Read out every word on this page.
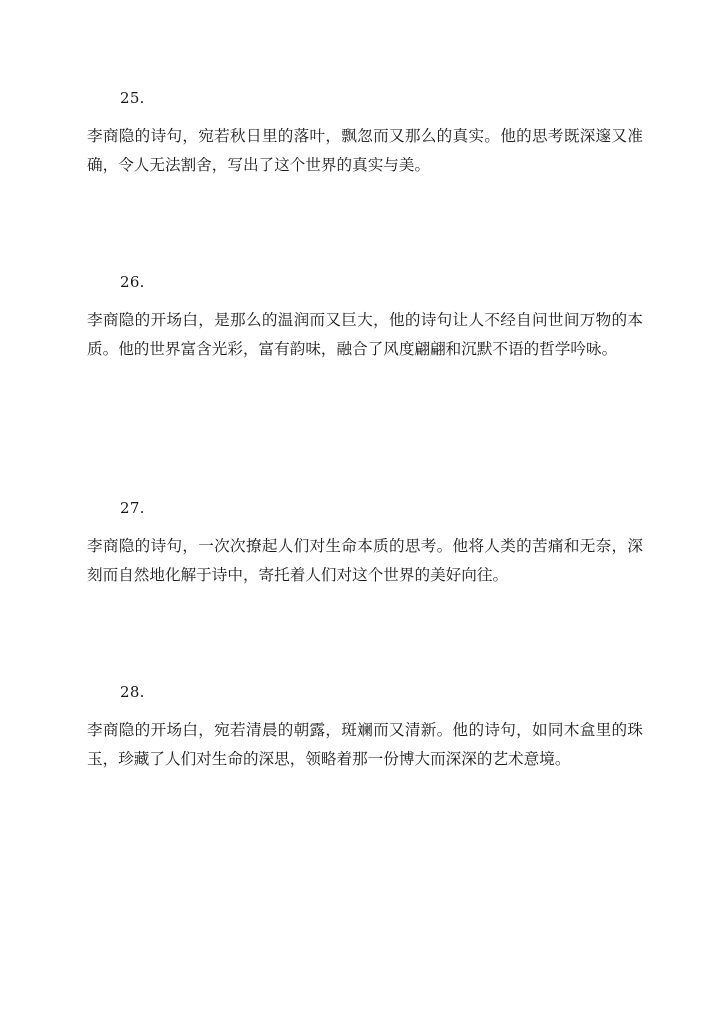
25.
李商隐的诗句，宛若秋日里的落叶，飘忽而又那么的真实。他的思考既深邃又准确，令人无法割舍，写出了这个世界的真实与美。
26.
李商隐的开场白，是那么的温润而又巨大，他的诗句让人不经自问世间万物的本质。他的世界富含光彩，富有韵味，融合了风度翩翩和沉默不语的哲学吟咏。
27.
李商隐的诗句，一次次撩起人们对生命本质的思考。他将人类的苦痛和无奈，深刻而自然地化解于诗中，寄托着人们对这个世界的美好向往。
28.
李商隐的开场白，宛若清晨的朝露，斑斓而又清新。他的诗句，如同木盒里的珠玉，珍藏了人们对生命的深思，领略着那一份博大而深深的艺术意境。
